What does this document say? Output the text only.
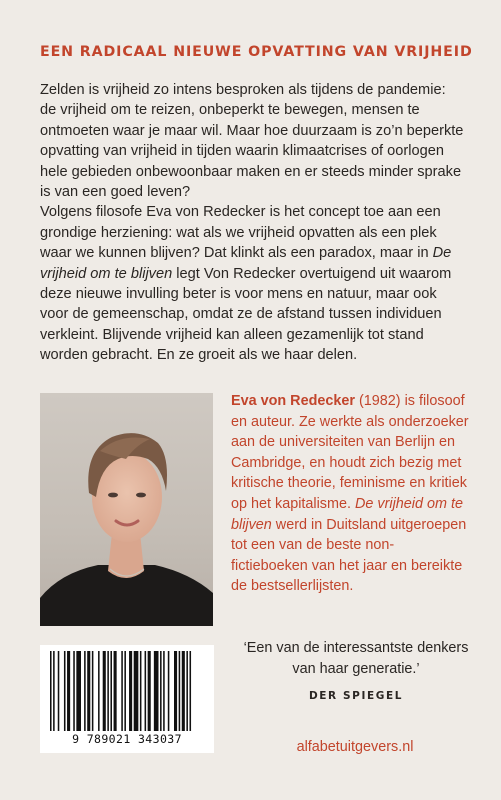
EEN RADICAAL NIEUWE OPVATTING VAN VRIJHEID

Zelden is vrijheid zo intens besproken als tijdens de pandemie: de vrijheid om te reizen, onbeperkt te bewegen, mensen te ontmoeten waar je maar wil. Maar hoe duurzaam is zo’n beperkte opvatting van vrijheid in tijden waarin klimaatcrises of oorlogen hele gebieden onbewoonbaar maken en er steeds minder sprake is van een goed leven?

Volgens filosofe Eva von Redecker is het concept toe aan een grondige herziening: wat als we vrijheid opvatten als een plek waar we kunnen blijven? Dat klinkt als een paradox, maar in De vrijheid om te blijven legt Von Redecker overtuigend uit waarom deze nieuwe invulling beter is voor mens en natuur, maar ook voor de gemeenschap, omdat ze de afstand tussen individuen verkleint. Blijvende vrijheid kan alleen gezamenlijk tot stand worden gebracht. En ze groeit als we haar delen.

Eva von Redecker (1982) is filosoof en auteur. Ze werkte als onderzoeker aan de universiteiten van Berlijn en Cambridge, en houdt zich bezig met kritische theorie, feminisme en kritiek op het kapitalisme. De vrijheid om te blijven werd in Duitsland uitgeroepen tot een van de beste non-fictieboeken van het jaar en bereikte de bestsellerlijsten.

9 789021 343037

‘Een van de interessantste denkers van haar generatie.’

DER SPIEGEL
alfabetuitgevers.nl
